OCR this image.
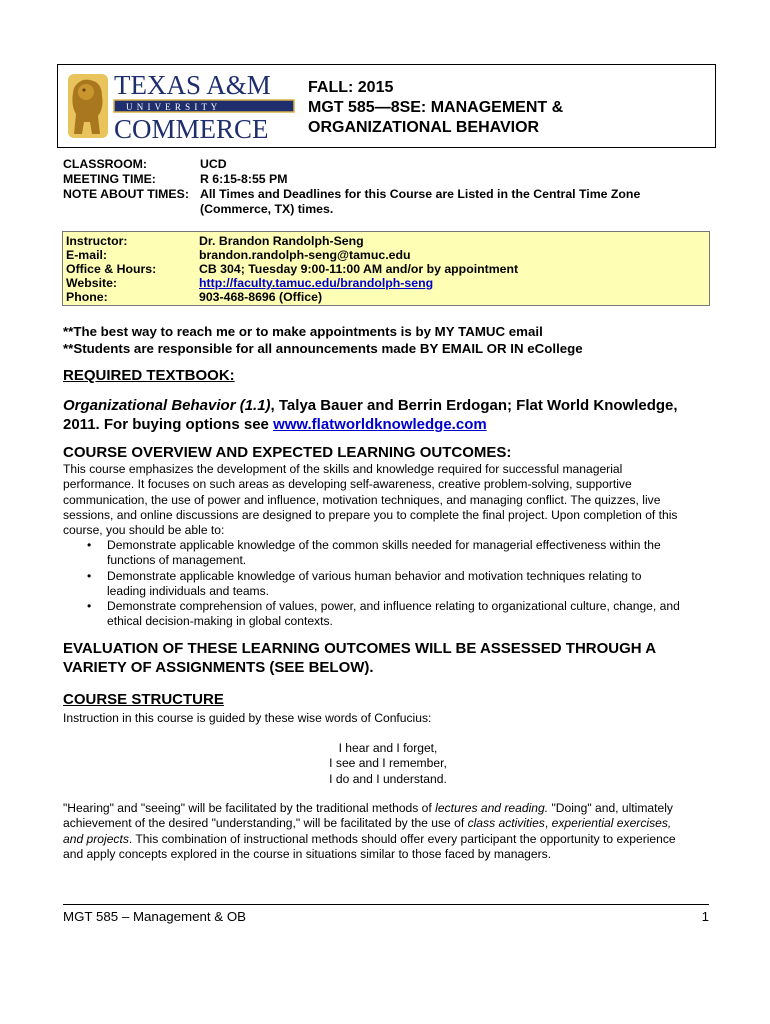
TEXAS A&M
U N I V E R S I T Y
COMMERCE
FALL: 2015
MGT 585—8SE: MANAGEMENT &
ORGANIZATIONAL BEHAVIOR
CLASSROOM:	UCD
MEETING TIME:	R 6:15-8:55 PM
NOTE ABOUT TIMES: All Times and Deadlines for this Course are Listed in the Central Time Zone
(Commerce, TX) times.
Instructor:	Dr. Brandon Randolph-Seng
E-mail:	brandon.randolph-seng@tamuc.edu
Office & Hours:	CB 304; Tuesday 9:00-11:00 AM and/or by appointment
Website:	http://faculty.tamuc.edu/brandolph-seng
Phone:	903-468-8696 (Office)
**The best way to reach me or to make appointments is by MY TAMUC email
**Students are responsible for all announcements made BY EMAIL OR IN eCollege
REQUIRED TEXTBOOK:
Organizational Behavior (1.1), Talya Bauer and Berrin Erdogan; Flat World Knowledge,
2011. For buying options see www.flatworldknowledge.com
COURSE OVERVIEW AND EXPECTED LEARNING OUTCOMES:
This course emphasizes the development of the skills and knowledge required for successful managerial
performance. It focuses on such areas as developing self-awareness, creative problem-solving, supportive
communication, the use of power and influence, motivation techniques, and managing conflict. The quizzes, live
sessions, and online discussions are designed to prepare you to complete the final project. Upon completion of this
course, you should be able to:
• Demonstrate applicable knowledge of the common skills needed for managerial effectiveness within the
functions of management.
• Demonstrate applicable knowledge of various human behavior and motivation techniques relating to
leading individuals and teams.
• Demonstrate comprehension of values, power, and influence relating to organizational culture, change, and
ethical decision-making in global contexts.
EVALUATION OF THESE LEARNING OUTCOMES WILL BE ASSESSED THROUGH A
VARIETY OF ASSIGNMENTS (SEE BELOW).
COURSE STRUCTURE
Instruction in this course is guided by these wise words of Confucius:
I hear and I forget,
I see and I remember,
I do and I understand.
"Hearing" and "seeing" will be facilitated by the traditional methods of lectures and reading. "Doing" and, ultimately
achievement of the desired "understanding," will be facilitated by the use of class activities, experiential exercises,
and projects. This combination of instructional methods should offer every participant the opportunity to experience
and apply concepts explored in the course in situations similar to those faced by managers.
MGT 585 – Management & OB	1
